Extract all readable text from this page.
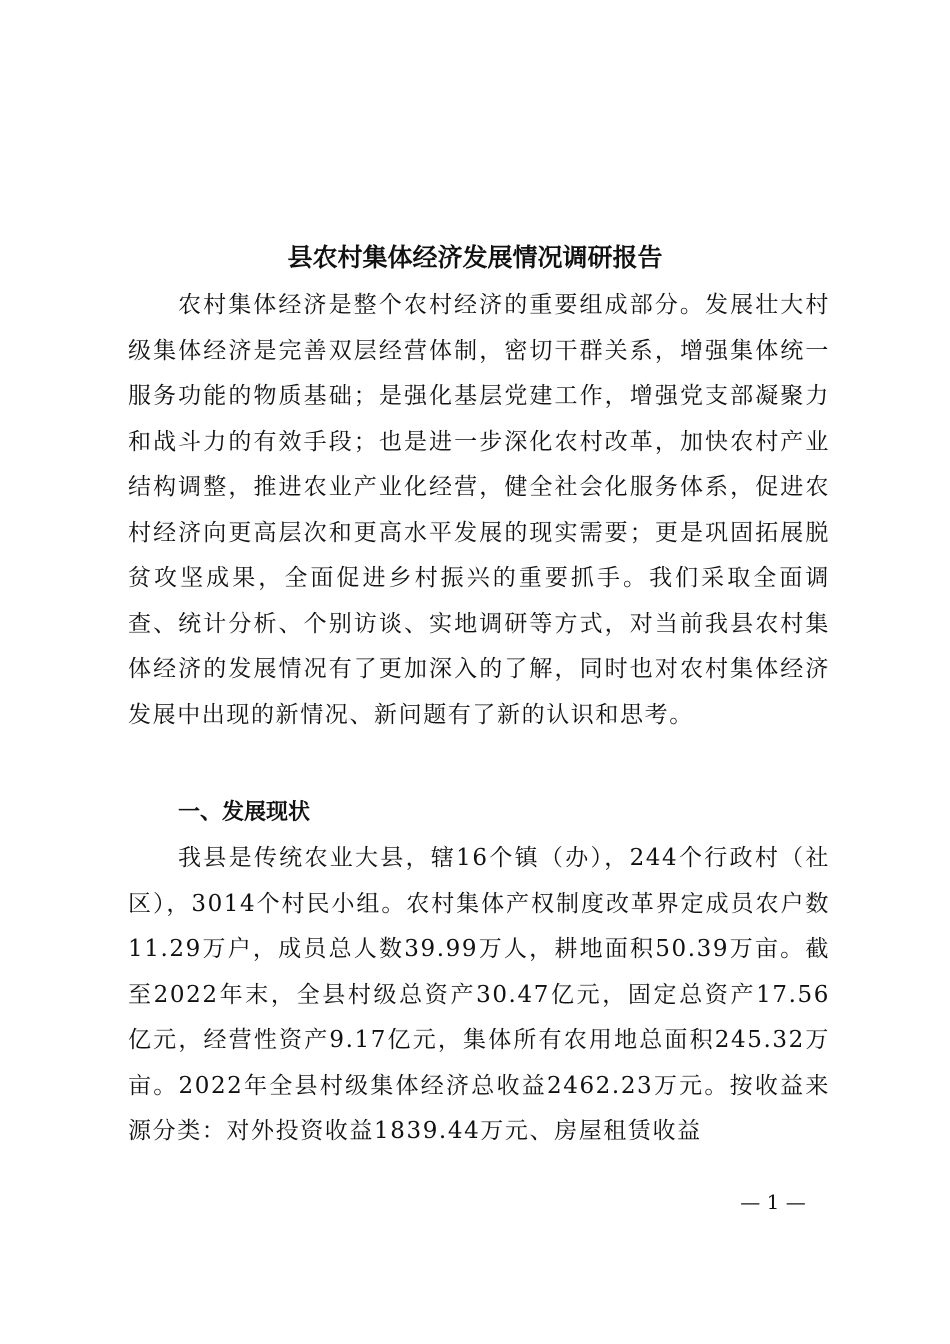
县农村集体经济发展情况调研报告

农村集体经济是整个农村经济的重要组成部分。发展壮大村级集体经济是完善双层经营体制，密切干群关系，增强集体统一服务功能的物质基础；是强化基层党建工作，增强党支部凝聚力和战斗力的有效手段；也是进一步深化农村改革，加快农村产业结构调整，推进农业产业化经营，健全社会化服务体系，促进农村经济向更高层次和更高水平发展的现实需要；更是巩固拓展脱贫攻坚成果，全面促进乡村振兴的重要抓手。我们采取全面调查、统计分析、个别访谈、实地调研等方式，对当前我县农村集体经济的发展情况有了更加深入的了解，同时也对农村集体经济发展中出现的新情况、新问题有了新的认识和思考。

一、发展现状

我县是传统农业大县，辖16个镇（办），244个行政村（社区），3014个村民小组。农村集体产权制度改革界定成员农户数11.29万户，成员总人数39.99万人，耕地面积50.39万亩。截至2022年末，全县村级总资产30.47亿元，固定总资产17.56亿元，经营性资产9.17亿元，集体所有农用地总面积245.32万亩。2022年全县村级集体经济总收益2462.23万元。按收益来源分类：对外投资收益1839.44万元、房屋租赁收益

— 1 —
